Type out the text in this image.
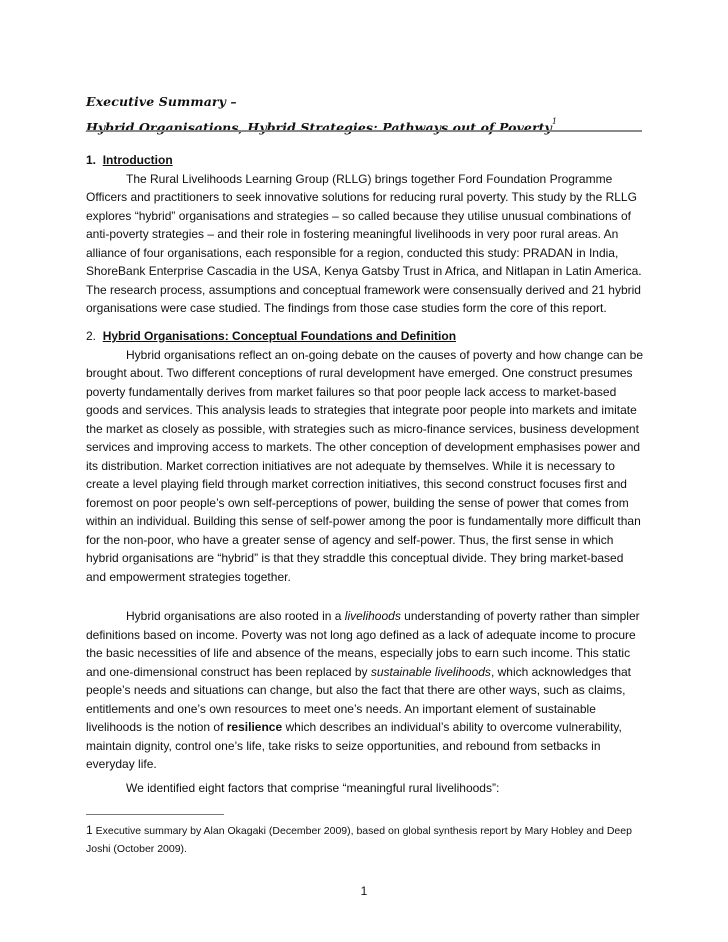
Executive Summary –
Hybrid Organisations, Hybrid Strategies: Pathways out of Poverty$^1$
1. Introduction

The Rural Livelihoods Learning Group (RLLG) brings together Ford Foundation Programme Officers and practitioners to seek innovative solutions for reducing rural poverty. This study by the RLLG explores “hybrid” organisations and strategies – so called because they utilise unusual combinations of anti-poverty strategies – and their role in fostering meaningful livelihoods in very poor rural areas. An alliance of four organisations, each responsible for a region, conducted this study: PRADAN in India, ShoreBank Enterprise Cascadia in the USA, Kenya Gatsby Trust in Africa, and Nitlapan in Latin America. The research process, assumptions and conceptual framework were consensually derived and 21 hybrid organisations were case studied. The findings from those case studies form the core of this report.

2. Hybrid Organisations: Conceptual Foundations and Definition

Hybrid organisations reflect an on-going debate on the causes of poverty and how change can be brought about. Two different conceptions of rural development have emerged. One construct presumes poverty fundamentally derives from market failures so that poor people lack access to market-based goods and services. This analysis leads to strategies that integrate poor people into markets and imitate the market as closely as possible, with strategies such as micro-finance services, business development services and improving access to markets. The other conception of development emphasises power and its distribution. Market correction initiatives are not adequate by themselves. While it is necessary to create a level playing field through market correction initiatives, this second construct focuses first and foremost on poor people’s own self-perceptions of power, building the sense of power that comes from within an individual. Building this sense of self-power among the poor is fundamentally more difficult than for the non-poor, who have a greater sense of agency and self-power. Thus, the first sense in which hybrid organisations are “hybrid” is that they straddle this conceptual divide. They bring market-based and empowerment strategies together.

Hybrid organisations are also rooted in a livelihoods understanding of poverty rather than simpler definitions based on income. Poverty was not long ago defined as a lack of adequate income to procure the basic necessities of life and absence of the means, especially jobs to earn such income. This static and one-dimensional construct has been replaced by sustainable livelihoods, which acknowledges that people’s needs and situations can change, but also the fact that there are other ways, such as claims, entitlements and one’s own resources to meet one’s needs. An important element of sustainable livelihoods is the notion of resilience which describes an individual’s ability to overcome vulnerability, maintain dignity, control one’s life, take risks to seize opportunities, and rebound from setbacks in everyday life.

We identified eight factors that comprise “meaningful rural livelihoods”:

1 Executive summary by Alan Okagaki (December 2009), based on global synthesis report by Mary Hobley and Deep Joshi (October 2009).
1
